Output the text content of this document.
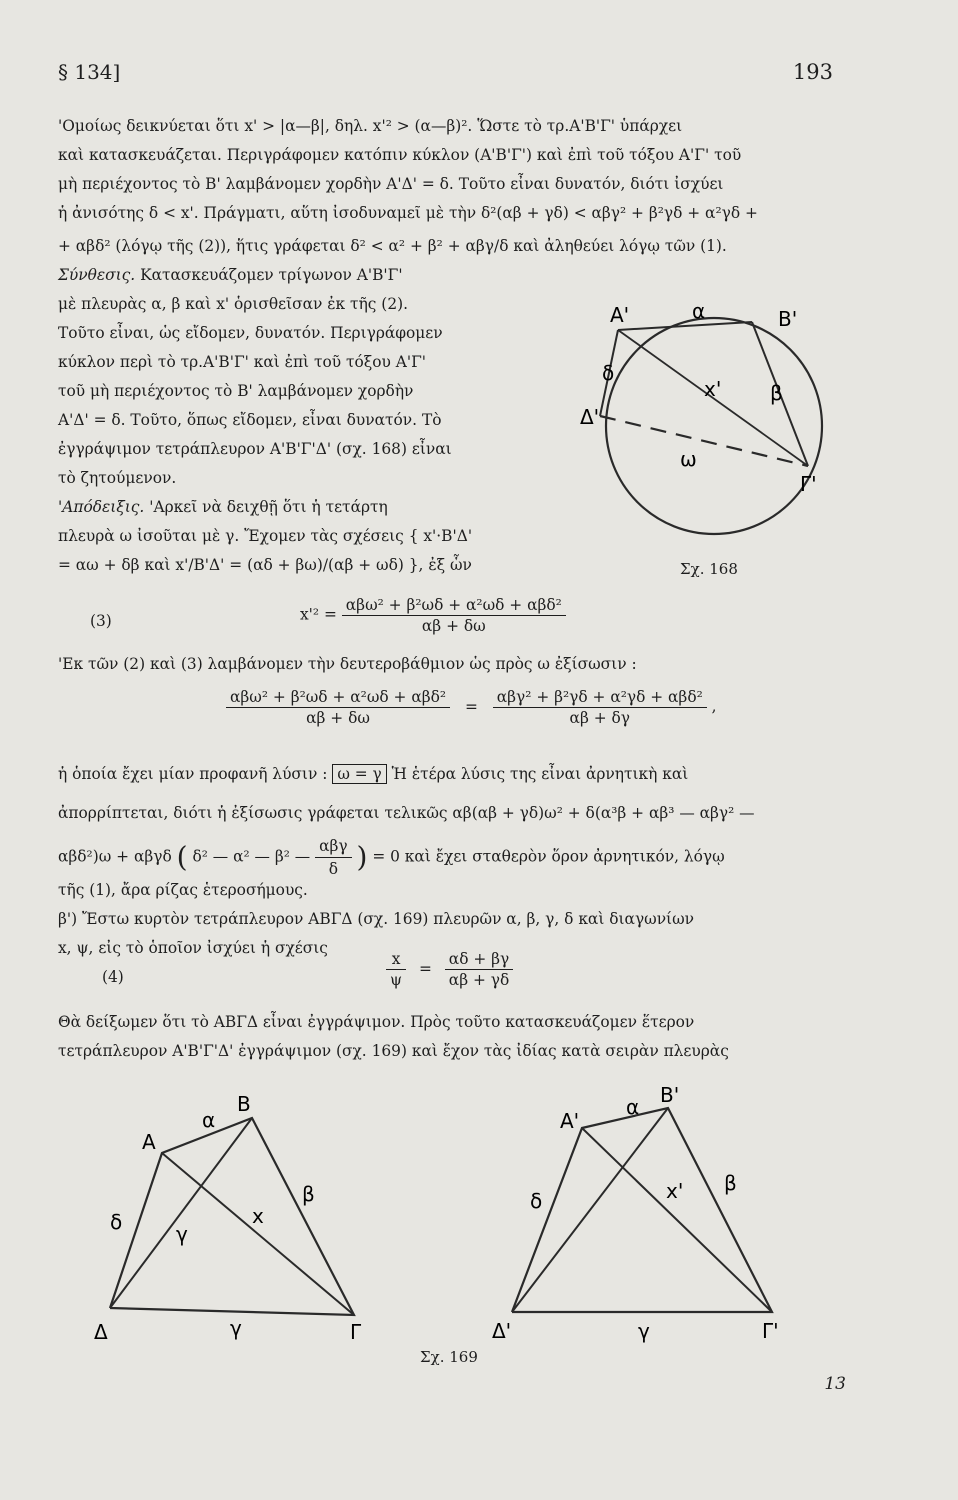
§ 134]	193
'Ομοίως δεικνύεται ὅτι x' > |α—β|, δηλ. x'² > (α—β)². Ὥστε τὸ τρ.Α'Β'Γ' ὑπάρχει
καὶ κατασκευάζεται. Περιγράφομεν κατόπιν κύκλον (Α'Β'Γ') καὶ ἐπὶ τοῦ τόξου Α'Γ' τοῦ
μὴ περιέχοντος τὸ Β' λαμβάνομεν χορδὴν Α'Δ' = δ. Τοῦτο εἶναι δυνατόν, διότι ἰσχύει
ἡ ἀνισότης δ < x'. Πράγματι, αὕτη ἰσοδυναμεῖ μὲ τὴν δ²(αβ + γδ) < αβγ² + β²γδ + α²γδ +
+ αβδ² (λόγῳ τῆς (2)), ἥτις γράφεται δ² < α² + β² + αβγ/δ καὶ ἀληθεύει λόγῳ τῶν (1).
Σύνθεσις. Κατασκευάζομεν τρίγωνον Α'Β'Γ'
μὲ πλευρὰς α, β καὶ x' ὁρισθεῖσαν ἐκ τῆς (2).
Τοῦτο εἶναι, ὡς εἴδομεν, δυνατόν. Περιγράφομεν
κύκλον περὶ τὸ τρ.Α'Β'Γ' καὶ ἐπὶ τοῦ τόξου Α'Γ'
τοῦ μὴ περιέχοντος τὸ Β' λαμβάνομεν χορδὴν
Α'Δ' = δ. Τοῦτο, ὅπως εἴδομεν, εἶναι δυνατόν. Τὸ
ἐγγράψιμον τετράπλευρον Α'Β'Γ'Δ' (σχ. 168) εἶναι
τὸ ζητούμενον.
'Απόδειξις. 'Αρκεῖ νὰ δειχθῇ ὅτι ἡ τετάρτη
πλευρὰ ω ἰσοῦται μὲ γ. Ἔχομεν τὰς σχέσεις { x'·Β'Δ'
= αω + δβ καὶ x'/Β'Δ' = (αδ + βω)/(αβ + ωδ) }, ἐξ ὧν
Α'	Β'
Γ'
Δ'
α
β
δ
x'
ω
Σχ. 168
(3)	$x'^2 = \frac{\text{αβω² + β²ωδ + α²ωδ + αβδ²}}{\alpha\beta + \delta\omega}$
'Εκ τῶν (2) καὶ (3) λαμβάνομεν τὴν δευτεροβάθμιον ὡς πρὸς ω ἐξίσωσιν :
$\frac{\text{αβω² + β²ωδ + α²ωδ + αβδ²}}{\alpha\beta + \delta\omega} = \frac{\text{αβγ² + β²γδ + α²γδ + αβδ²}}{\alpha\beta + \delta\gamma}$ ,
ἡ ὁποία ἔχει μίαν προφανῆ λύσιν : ω = γ Ἡ ἑτέρα λύσις της εἶναι ἀρνητικὴ καὶ
ἀπορρίπτεται, διότι ἡ ἐξίσωσις γράφεται τελικῶς αβ(αβ + γδ)ω² + δ(α³β + αβ³ — αβγ² —
αβδ²)ω + αβγδ ( δ² — α² — β² — $\frac{\text{αβγ}}{\delta}$ ) = 0 καὶ ἔχει σταθερὸν ὅρον ἀρνητικόν, λόγῳ
τῆς (1), ἄρα ρίζας ἑτεροσήμους.
β') Ἔστω κυρτὸν τετράπλευρον ΑΒΓΔ (σχ. 169) πλευρῶν α, β, γ, δ καὶ διαγωνίων
x, ψ, εἰς τὸ ὁποῖον ἰσχύει ἡ σχέσις
(4)	$\frac{x}{\psi} = \frac{\alpha\delta + \beta\gamma}{\alpha\beta + \gamma\delta}$
Θὰ δείξωμεν ὅτι τὸ ΑΒΓΔ εἶναι ἐγγράψιμον. Πρὸς τοῦτο κατασκευάζομεν ἕτερον
τετράπλευρον Α'Β'Γ'Δ' ἐγγράψιμον (σχ. 169) καὶ ἔχον τὰς ἰδίας κατὰ σειρὰν πλευρὰς
Α
Β
Γ
Δ
α
β
γ
δ	x
γ
Α'
Β'
Γ'
Δ'
α
β
γ
δ	x'
Σχ. 169
13
